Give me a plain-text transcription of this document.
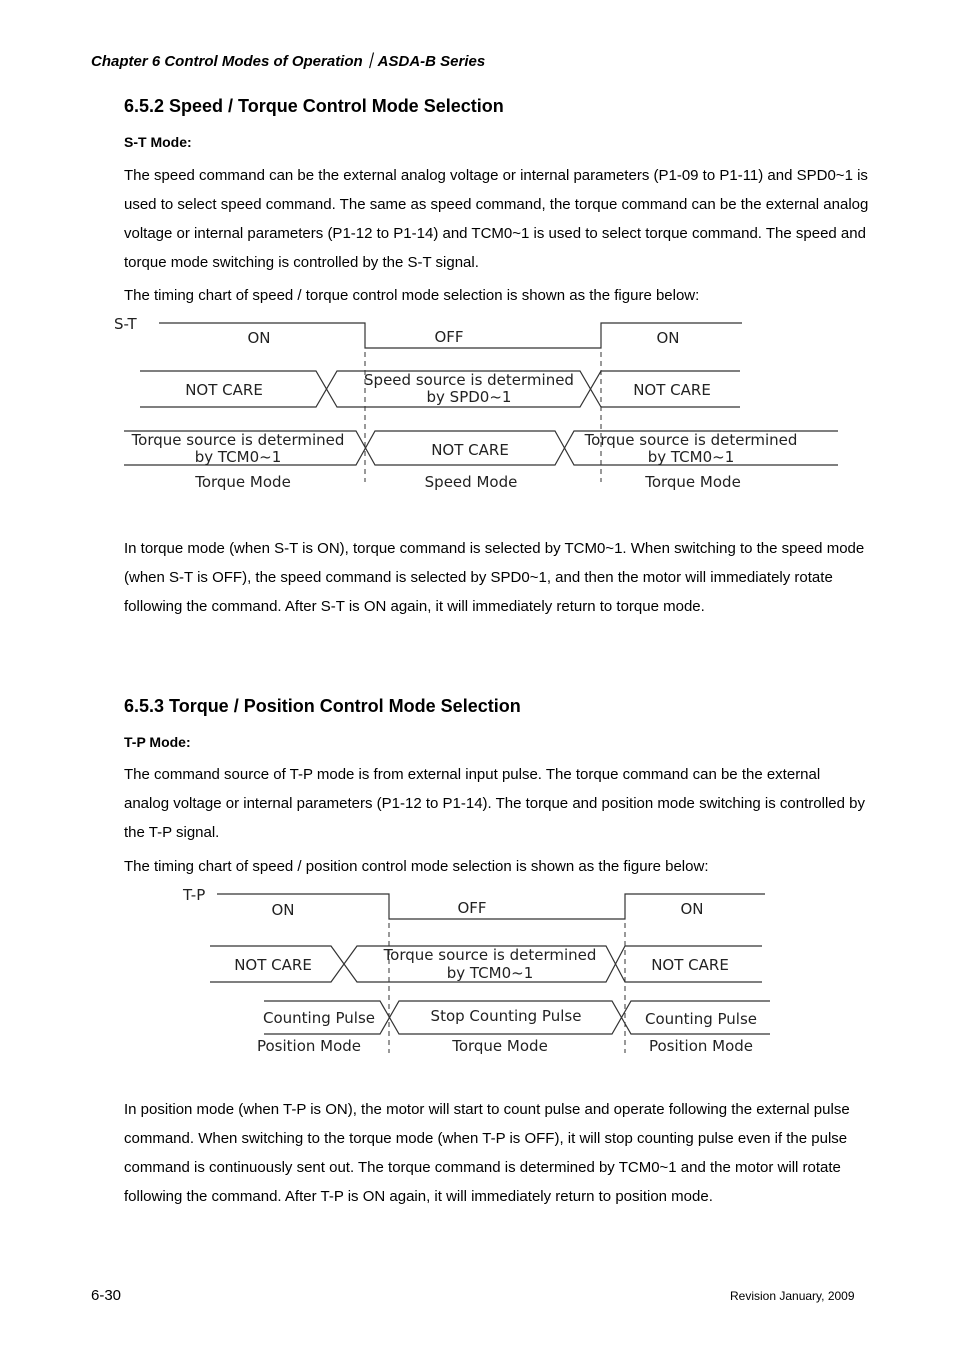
Chapter 6 Control Modes of Operation｜ASDA-B Series
6.5.2 Speed / Torque Control Mode Selection
S-T Mode:
The speed command can be the external analog voltage or internal parameters (P1-09 to P1-11) and SPD0~1 is used to select speed command. The same as speed command, the torque command can be the external analog voltage or internal parameters (P1-12 to P1-14) and TCM0~1 is used to select torque command. The speed and torque mode switching is controlled by the S-T signal.
The timing chart of speed / torque control mode selection is shown as the figure below:
S-T
ON	OFF	ON
NOT CARE
Speed source is determined
by SPD0~1	NOT CARE
Torque source is determined
by TCM0~1	NOT CARE
Torque source is determined
by TCM0~1
Torque Mode	Speed Mode	Torque Mode
In torque mode (when S-T is ON), torque command is selected by TCM0~1. When switching to the speed mode (when S-T is OFF), the speed command is selected by SPD0~1, and then the motor will immediately rotate following the command. After S-T is ON again, it will immediately return to torque mode.
6.5.3 Torque / Position Control Mode Selection
T-P Mode:
The command source of T-P mode is from external input pulse. The torque command can be the external analog voltage or internal parameters (P1-12 to P1-14). The torque and position mode switching is controlled by the T-P signal.
The timing chart of speed / position control mode selection is shown as the figure below:
T-P
ON	OFF	ON
NOT CARE
Torque source is determined
by TCM0~1	NOT CARE
Counting Pulse	Stop Counting Pulse	Counting Pulse
Position Mode	Torque Mode	Position Mode
In position mode (when T-P is ON), the motor will start to count pulse and operate following the external pulse command. When switching to the torque mode (when T-P is OFF), it will stop counting pulse even if the pulse command is continuously sent out. The torque command is determined by TCM0~1 and the motor will rotate following the command. After T-P is ON again, it will immediately return to position mode.
6-30	Revision January, 2009
